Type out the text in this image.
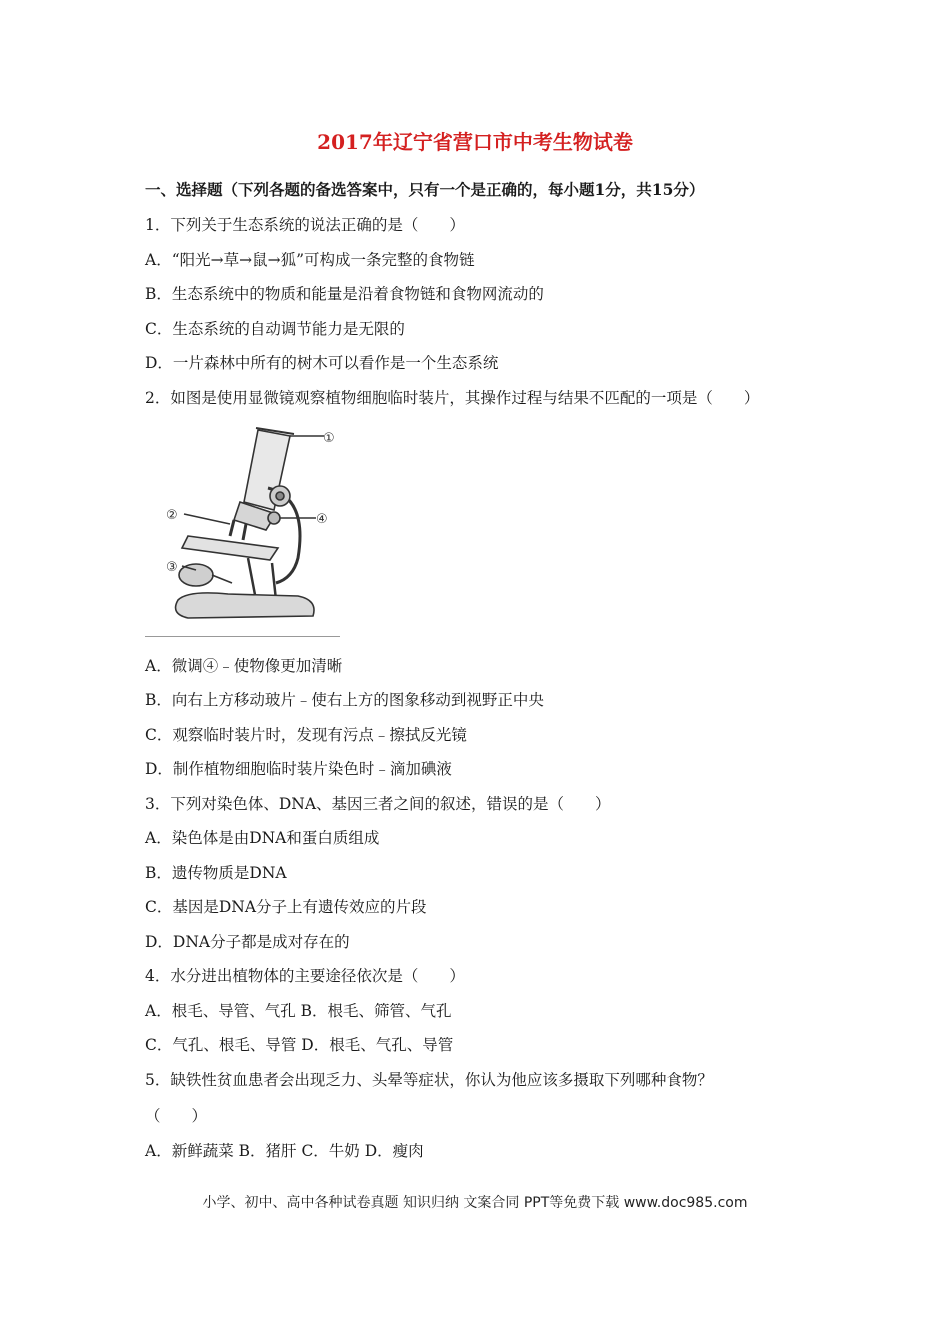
2017年辽宁省营口市中考生物试卷
一、选择题（下列各题的备选答案中，只有一个是正确的，每小题1分，共15分）
1．下列关于生态系统的说法正确的是（　　）
A．“阳光→草→鼠→狐”可构成一条完整的食物链
B．生态系统中的物质和能量是沿着食物链和食物网流动的
C．生态系统的自动调节能力是无限的
D．一片森林中所有的树木可以看作是一个生态系统
2．如图是使用显微镜观察植物细胞临时装片，其操作过程与结果不匹配的一项是（　　）
①
②
③
④
A．微调④﹣使物像更加清晰
B．向右上方移动玻片﹣使右上方的图象移动到视野正中央
C．观察临时装片时，发现有污点﹣擦拭反光镜
D．制作植物细胞临时装片染色时﹣滴加碘液
3．下列对染色体、DNA、基因三者之间的叙述，错误的是（　　）
A．染色体是由DNA和蛋白质组成
B．遗传物质是DNA
C．基因是DNA分子上有遗传效应的片段
D．DNA分子都是成对存在的
4．水分进出植物体的主要途径依次是（　　）
A．根毛、导管、气孔 B．根毛、筛管、气孔
C．气孔、根毛、导管 D．根毛、气孔、导管
5．缺铁性贫血患者会出现乏力、头晕等症状，你认为他应该多摄取下列哪种食物？
（　　）
A．新鲜蔬菜 B．猪肝 C．牛奶 D．瘦肉
小学、初中、高中各种试卷真题 知识归纳 文案合同 PPT等免费下载 www.doc985.com
